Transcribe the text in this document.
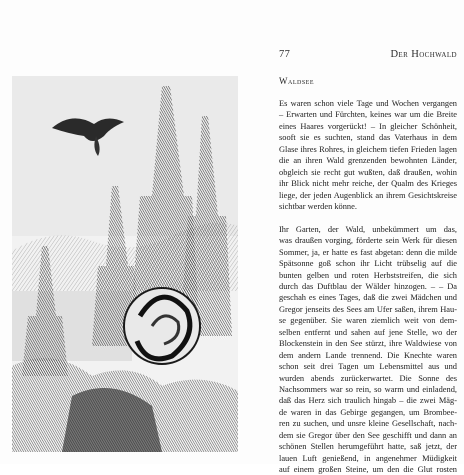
77	Der Hochwald
Waldsee
Es waren schon viele Tage und Wochen vergangen
– Erwarten und Fürchten, keines war um die Breite
eines Haares vorgerückt! – In gleicher Schönheit,
sooft sie es suchten, stand das Vaterhaus in dem
Glase ihres Rohres, in gleichem tiefen Frieden lagen
die an ihren Wald grenzenden bewohnten Länder,
obgleich sie recht gut wußten, daß draußen, wohin
ihr Blick nicht mehr reiche, der Qualm des Krieges
liege, der jeden Augenblick an ihrem Gesichtskreise
sichtbar werden könne.
Ihr Garten, der Wald, unbekümmert um das,
was draußen vorging, förderte sein Werk für diesen
Sommer, ja, er hatte es fast abgetan: denn die milde
Spätsonne goß schon ihr Licht trübselig auf die
bunten gelben und roten Herbststreifen, die sich
durch das Duftblau der Wälder hinzogen. – – Da
geschah es eines Tages, daß die zwei Mädchen und
Gregor jenseits des Sees am Ufer saßen, ihrem Hau-
se gegenüber. Sie waren ziemlich weit von dem-
selben entfernt und sahen auf jene Stelle, wo der
Blockenstein in den See stürzt, ihre Waldwiese von
dem andern Lande trennend. Die Knechte waren
schon seit drei Tagen um Lebensmittel aus und
wurden abends zurückerwartet. Die Sonne des
Nachsommers war so rein, so warm und einladend,
daß das Herz sich traulich hingab – die zwei Mäg-
de waren in das Gebirge gegangen, um Brombee-
ren zu suchen, und unsre kleine Gesellschaft, nach-
dem sie Gregor über den See geschifft und dann an
schönen Stellen herumgeführt hatte, saß jetzt, der
lauen Luft genießend, in angenehmer Müdigkeit
auf einem großen Steine, um den die Glut rosten
